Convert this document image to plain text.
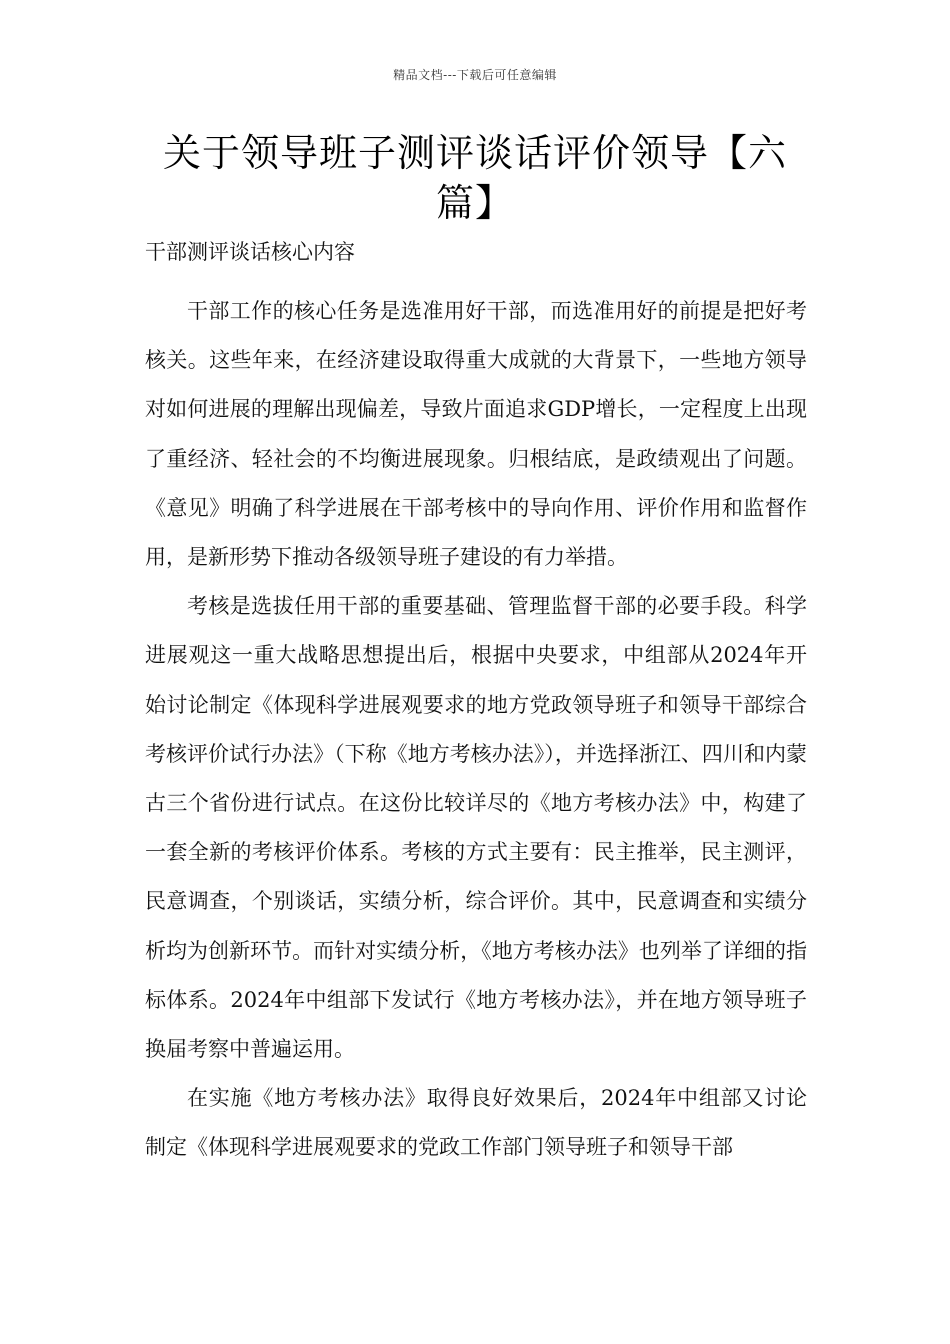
精品文档---下载后可任意编辑
关于领导班子测评谈话评价领导【六篇】

干部测评谈话核心内容

干部工作的核心任务是选准用好干部，而选准用好的前提是把好考核关。这些年来，在经济建设取得重大成就的大背景下，一些地方领导对如何进展的理解出现偏差，导致片面追求GDP增长，一定程度上出现了重经济、轻社会的不均衡进展现象。归根结底，是政绩观出了问题。《意见》明确了科学进展在干部考核中的导向作用、评价作用和监督作用，是新形势下推动各级领导班子建设的有力举措。

考核是选拔任用干部的重要基础、管理监督干部的必要手段。科学进展观这一重大战略思想提出后，根据中央要求，中组部从2024年开始讨论制定《体现科学进展观要求的地方党政领导班子和领导干部综合考核评价试行办法》（下称《地方考核办法》），并选择浙江、四川和内蒙古三个省份进行试点。在这份比较详尽的《地方考核办法》中，构建了一套全新的考核评价体系。考核的方式主要有：民主推举，民主测评，民意调查，个别谈话，实绩分析，综合评价。其中，民意调查和实绩分析均为创新环节。而针对实绩分析，《地方考核办法》也列举了详细的指标体系。2024年中组部下发试行《地方考核办法》，并在地方领导班子换届考察中普遍运用。

在实施《地方考核办法》取得良好效果后，2024年中组部又讨论制定《体现科学进展观要求的党政工作部门领导班子和领导干部
